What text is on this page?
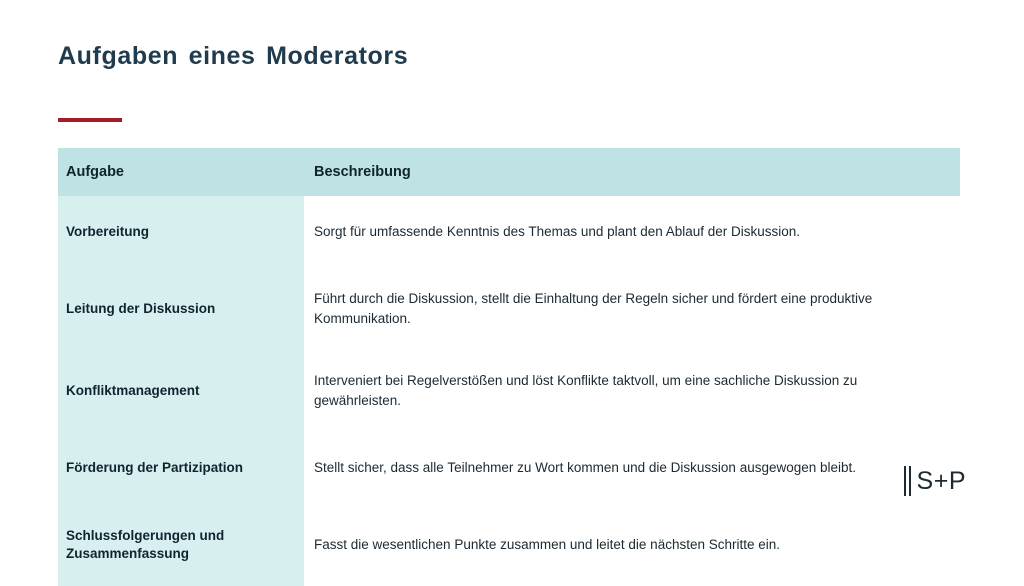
Aufgaben eines Moderators
Aufgabe	Beschreibung
Vorbereitung	Sorgt für umfassende Kenntnis des Themas und plant den Ablauf der Diskussion.
Leitung der Diskussion	Führt durch die Diskussion, stellt die Einhaltung der Regeln sicher und fördert eine produktive Kommunikation.
Konfliktmanagement	Interveniert bei Regelverstößen und löst Konflikte taktvoll, um eine sachliche Diskussion zu gewährleisten.
Förderung der Partizipation	Stellt sicher, dass alle Teilnehmer zu Wort kommen und die Diskussion ausgewogen bleibt.
Schlussfolgerungen und Zusammenfassung	Fasst die wesentlichen Punkte zusammen und leitet die nächsten Schritte ein.
S+P
